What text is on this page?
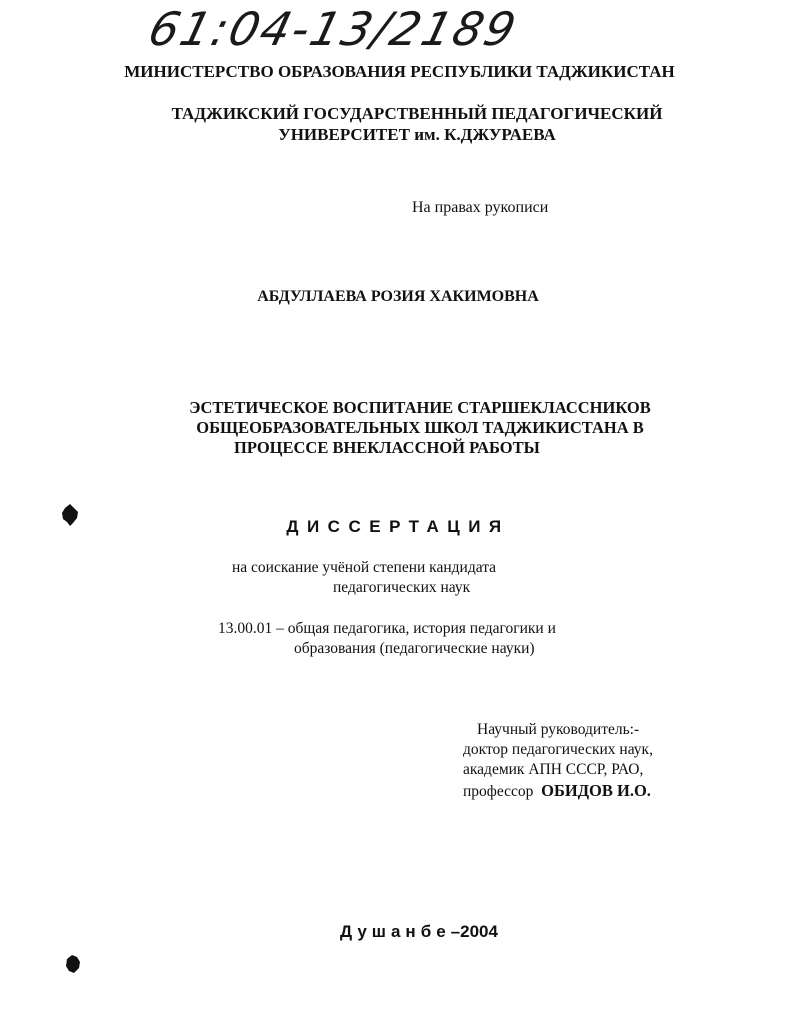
61:04-13/2189
МИНИСТЕРСТВО ОБРАЗОВАНИЯ РЕСПУБЛИКИ ТАДЖИКИСТАН
ТАДЖИКСКИЙ ГОСУДАРСТВЕННЫЙ ПЕДАГОГИЧЕСКИЙ
УНИВЕРСИТЕТ им. К.ДЖУРАЕВА
На правах рукописи
АБДУЛЛАЕВА РОЗИЯ ХАКИМОВНА
ЭСТЕТИЧЕСКОЕ ВОСПИТАНИЕ СТАРШЕКЛАССНИКОВ
ОБЩЕОБРАЗОВАТЕЛЬНЫХ ШКОЛ ТАДЖИКИСТАНА В
ПРОЦЕССЕ ВНЕКЛАССНОЙ РАБОТЫ
ДИССЕРТАЦИЯ
на соискание учёной степени кандидата
педагогических наук
13.00.01 – общая педагогика, история педагогики и
образования (педагогические науки)
Научный руководитель:-
доктор педагогических наук,
академик АПН СССР, РАО,
профессор ОБИДОВ И.О.
Душанбе–2004
